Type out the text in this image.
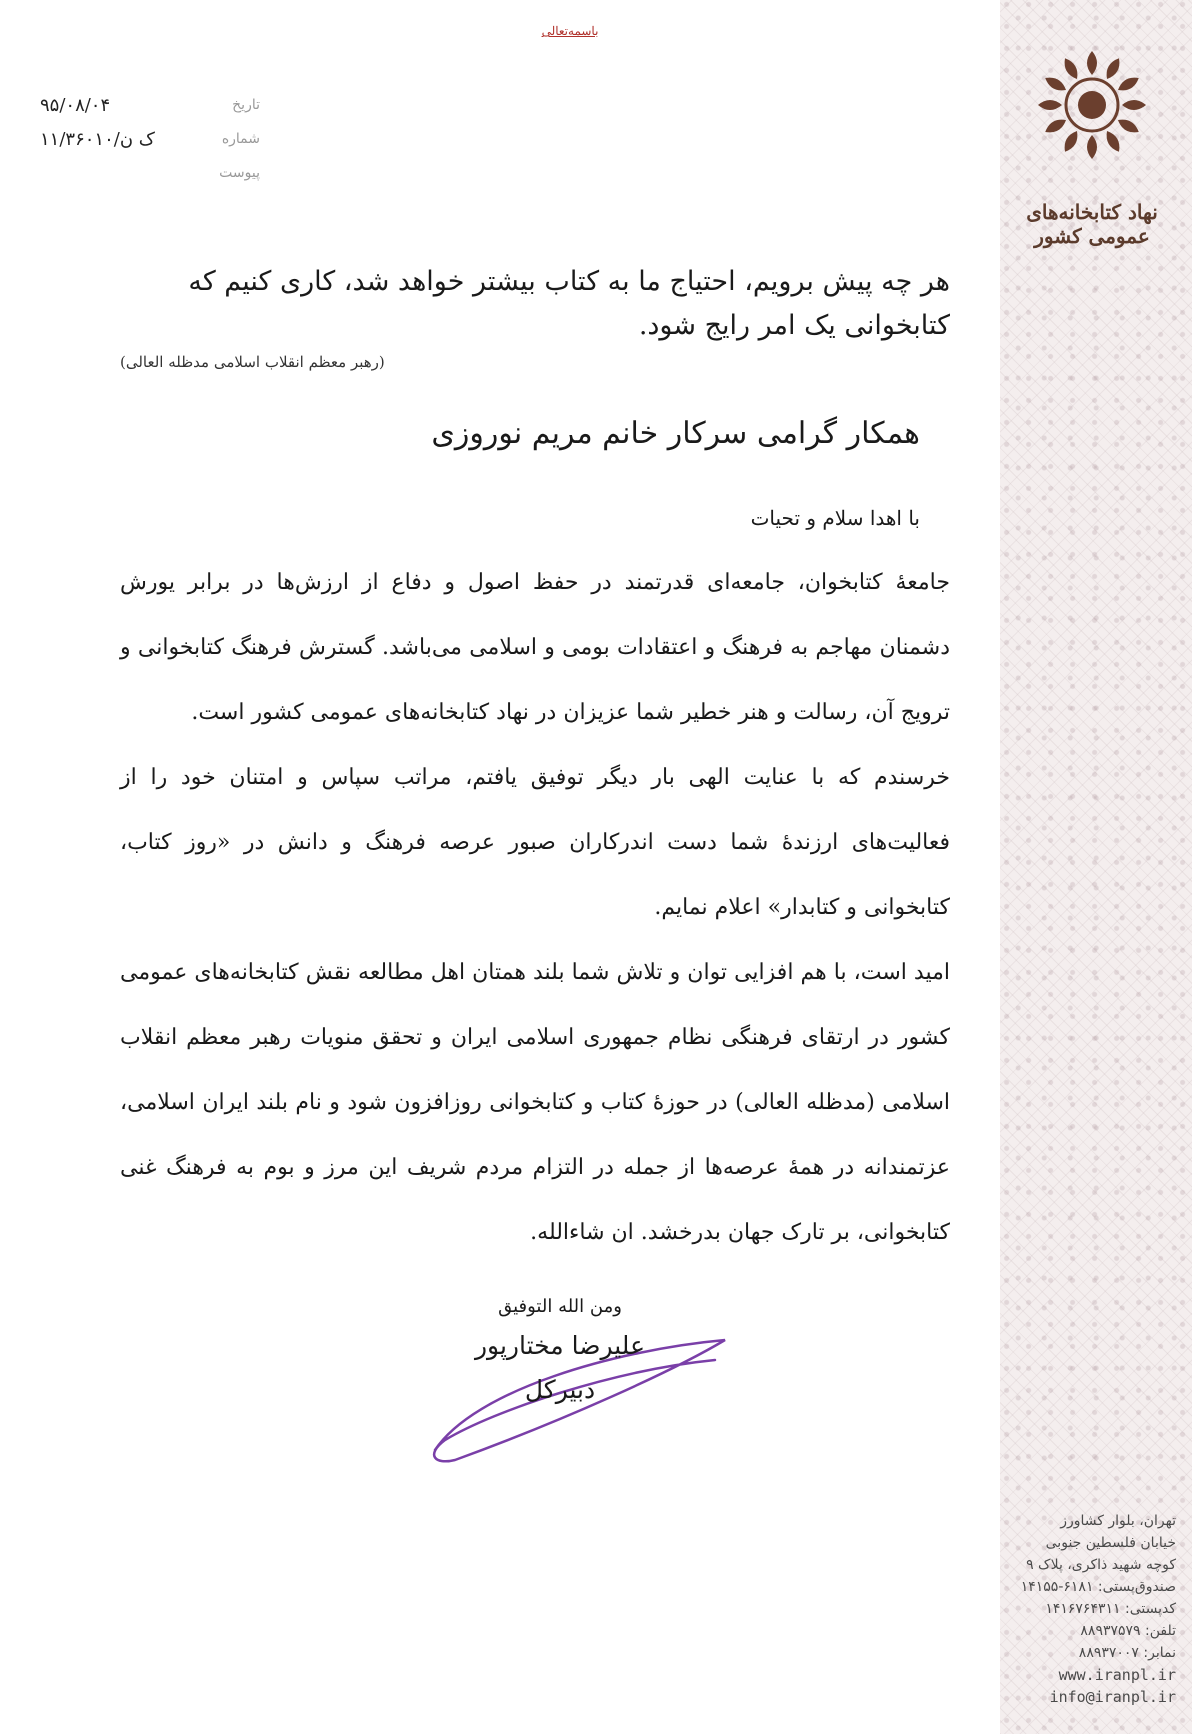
نهاد کتابخانه‌های عمومی کشور
تهران، بلوار کشاورز
خیابان فلسطین جنوبی
کوچه شهید ذاکری، پلاک ۹
صندوق‌پستی: ۶۱۸۱-۱۴۱۵۵
کدپستی: ۱۴۱۶۷۶۴۳۱۱
تلفن: ۸۸۹۳۷۵۷۹
نمابر: ۸۸۹۳۷۰۰۷
www.iranpl.ir
info@iranpl.ir
باسمه‌تعالی
تاریخ
۹۵/۰۸/۰۴
شماره
۱۱/۳۶۰۱۰/ک ن
پیوست

هر چه پیش برویم، احتیاج ما به کتاب بیشتر خواهد شد، کاری کنیم که کتابخوانی یک امر رایج شود.

(رهبر معظم انقلاب اسلامی مدظله العالی)

همکار گرامی سرکار خانم مریم نوروزی
با اهدا سلام و تحیات

جامعهٔ کتابخوان، جامعه‌ای قدرتمند در حفظ اصول و دفاع از ارزش‌ها در برابر یورش دشمنان مهاجم به فرهنگ و اعتقادات بومی و اسلامی می‌باشد. گسترش فرهنگ کتابخوانی و ترویج آن، رسالت و هنر خطیر شما عزیزان در نهاد کتابخانه‌های عمومی کشور است.

خرسندم که با عنایت الهی بار دیگر توفیق یافتم، مراتب سپاس و امتنان خود را از فعالیت‌های ارزندهٔ شما دست اندرکاران صبور عرصه فرهنگ و دانش در «روز کتاب، کتابخوانی و کتابدار» اعلام نمایم.

امید است، با هم افزایی توان و تلاش شما بلند همتان اهل مطالعه نقش کتابخانه‌های عمومی کشور در ارتقای فرهنگی نظام جمهوری اسلامی ایران و تحقق منویات رهبر معظم انقلاب اسلامی (مدظله العالی) در حوزهٔ کتاب و کتابخوانی روزافزون شود و نام بلند ایران اسلامی، عزتمندانه در همهٔ عرصه‌ها از جمله در التزام مردم شریف این مرز و بوم به فرهنگ غنی کتابخوانی، بر تارک جهان بدرخشد. ان شاءالله.

ومن الله التوفیق
علیرضا مختارپور
دبیرکل
